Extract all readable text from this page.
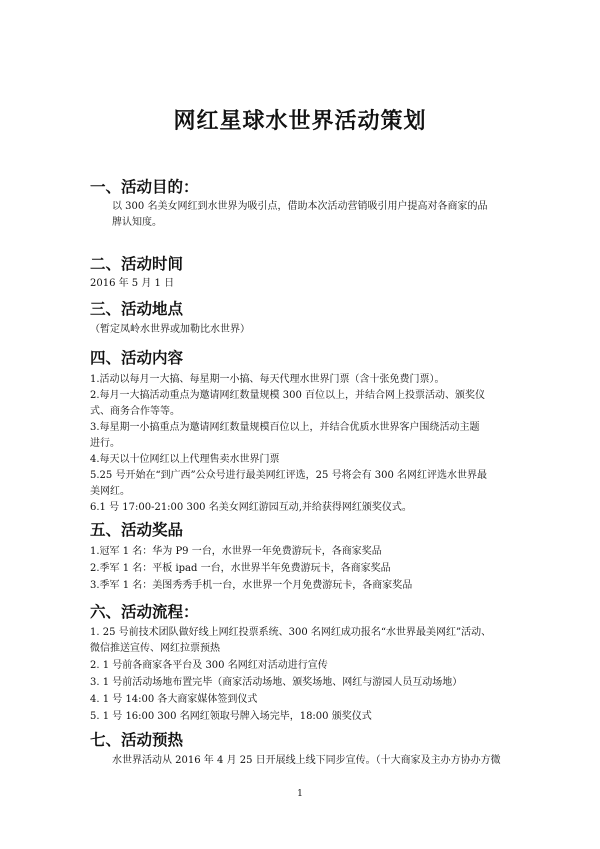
网红星球水世界活动策划
一、活动目的：
以 300 名美女网红到水世界为吸引点，借助本次活动营销吸引用户提高对各商家的品
牌认知度。
二、活动时间
2016 年 5 月 1 日
三、活动地点
（暂定凤岭水世界或加勒比水世界）
四、活动内容
1.活动以每月一大搞、每星期一小搞、每天代理水世界门票（含十张免费门票）。
2.每月一大搞活动重点为邀请网红数量规模 300 百位以上，并结合网上投票活动、颁奖仪
式、商务合作等等。
3.每星期一小搞重点为邀请网红数量规模百位以上，并结合优质水世界客户围绕活动主题
进行。
4.每天以十位网红以上代理售卖水世界门票
5.25 号开始在“到广西”公众号进行最美网红评选，25 号将会有 300 名网红评选水世界最
美网红。
6.1 号 17:00-21:00 300 名美女网红游园互动,并给获得网红颁奖仪式。
五、活动奖品
1.冠军 1 名：华为 P9 一台，水世界一年免费游玩卡，各商家奖品
2.季军 1 名：平板 ipad 一台，水世界半年免费游玩卡，各商家奖品
3.季军 1 名：美图秀秀手机一台，水世界一个月免费游玩卡，各商家奖品
六、活动流程：
1. 25 号前技术团队做好线上网红投票系统、300 名网红成功报名“水世界最美网红”活动、
微信推送宣传、网红拉票预热
2. 1 号前各商家各平台及 300 名网红对活动进行宣传
3. 1 号前活动场地布置完毕（商家活动场地、颁奖场地、网红与游园人员互动场地）
4. 1 号 14:00 各大商家媒体签到仪式
5. 1 号 16:00 300 名网红领取号牌入场完毕，18:00 颁奖仪式
七、活动预热
水世界活动从 2016 年 4 月 25 日开展线上线下同步宣传。（十大商家及主办方协办方微
1
